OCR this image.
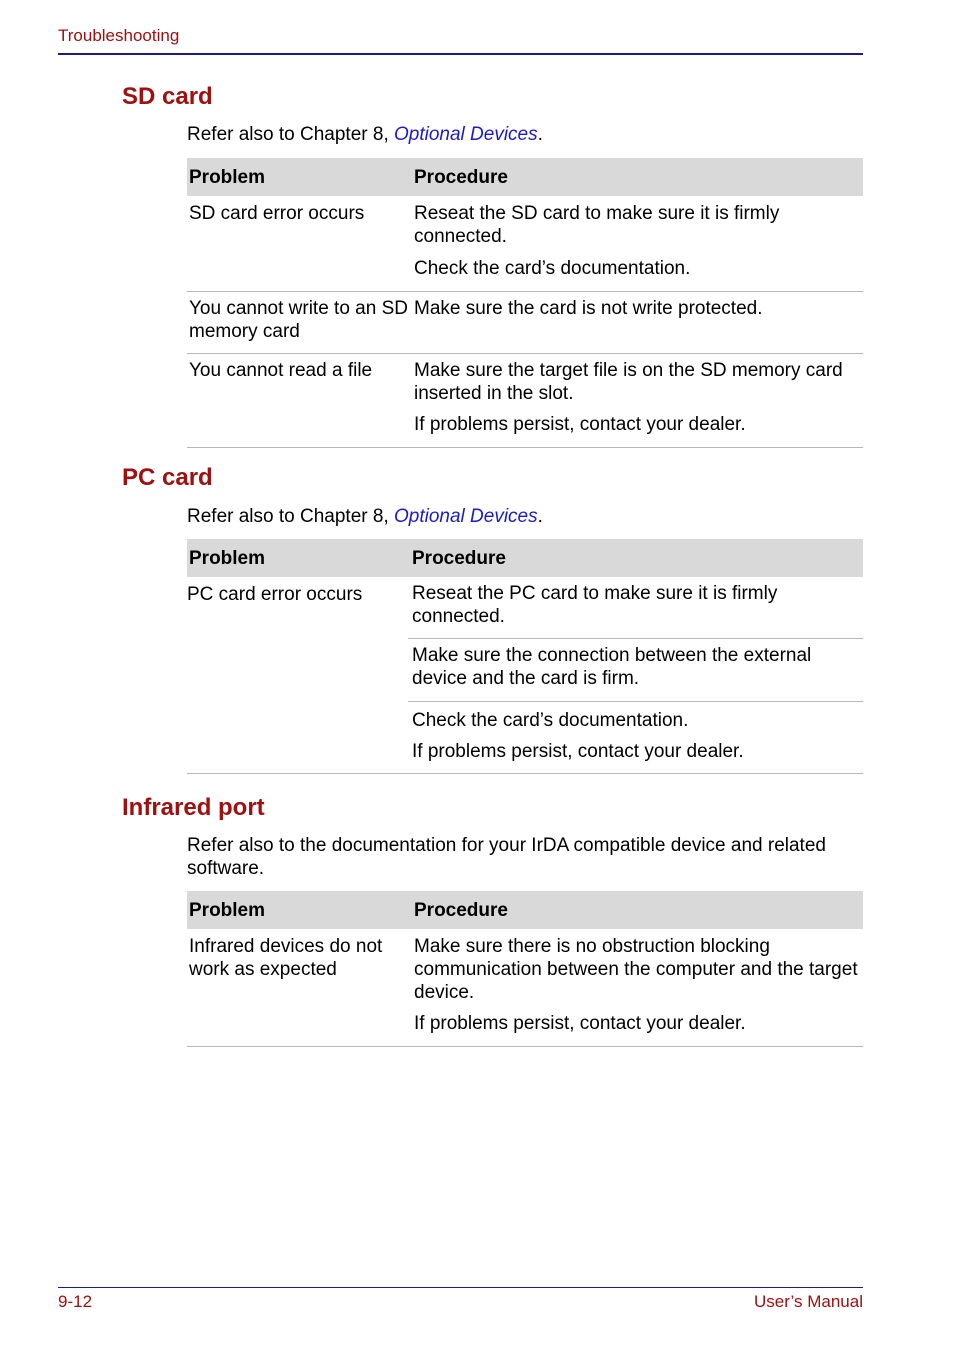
Troubleshooting
SD card
Refer also to Chapter 8, Optional Devices.
Problem	Procedure
SD card error occurs	Reseat the SD card to make sure it is firmly connected.

Check the card’s documentation.

You cannot write to an SD memory card	Make sure the card is not write protected.

You cannot read a file	Make sure the target file is on the SD memory card inserted in the slot.

If problems persist, contact your dealer.

PC card
Refer also to Chapter 8, Optional Devices.
Problem	Procedure
PC card error occurs	Reseat the PC card to make sure it is firmly connected.

Make sure the connection between the external device and the card is firm.

Check the card’s documentation.

If problems persist, contact your dealer.

Infrared port
Refer also to the documentation for your IrDA compatible device and related software.
Problem	Procedure
Infrared devices do not work as expected	Make sure there is no obstruction blocking communication between the computer and the target device.

If problems persist, contact your dealer.

9-12	User’s Manual
